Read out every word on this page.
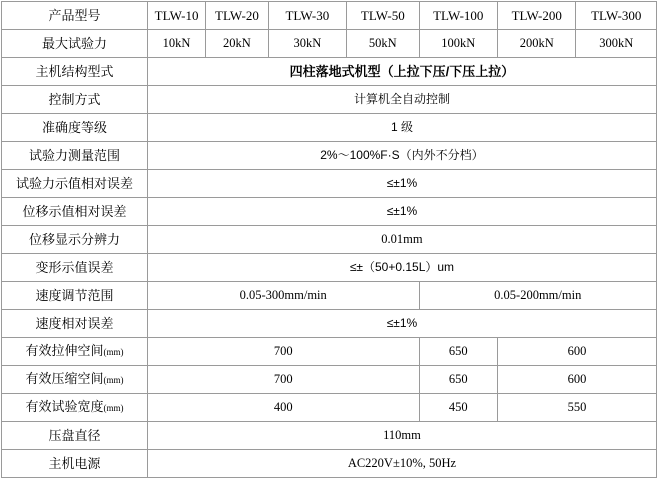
产品型号	TLW-10	TLW-20	TLW-30	TLW-50	TLW-100	TLW-200	TLW-300
最大试验力	10kN	20kN	30kN	50kN	100kN	200kN	300kN
主机结构型式	四柱落地式机型（上拉下压/下压上拉）						
控制方式	计算机全自动控制						
准确度等级	1 级						
试验力测量范围	2%～100%F·S（内外不分档）						
试验力示值相对误差	≤±1%						
位移示值相对误差	≤±1%						
位移显示分辨力	0.01mm						
变形示值误差	≤±（50+0.15L）um						
速度调节范围	0.05-300mm/min				0.05-200mm/min		
速度相对误差	≤±1%						
有效拉伸空间(mm)	700				650	600	
有效压缩空间(mm)	700				650	600	
有效试验宽度(mm)	400				450	550	
压盘直径	110mm						
主机电源	AC220V±10%, 50Hz						
